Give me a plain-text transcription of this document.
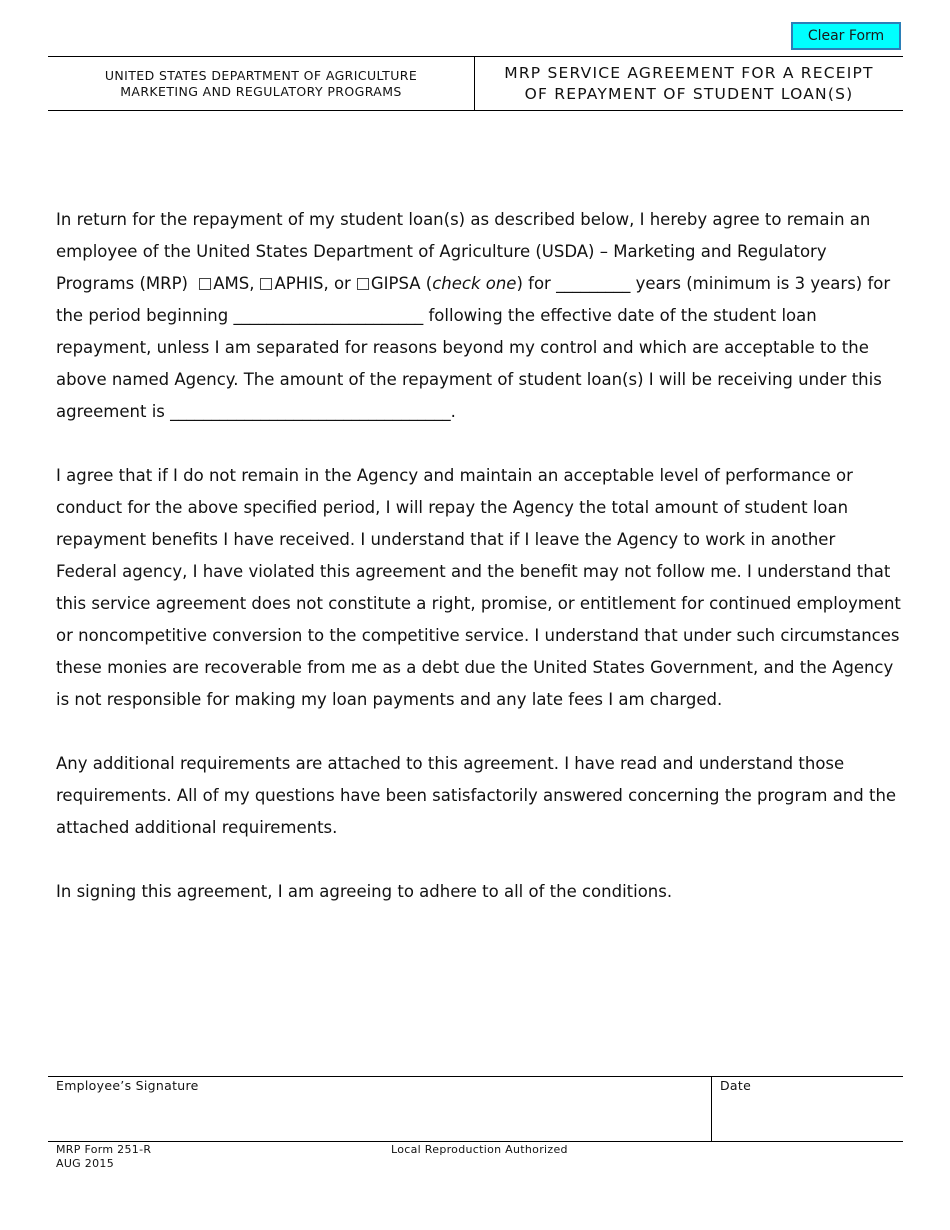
Clear Form
UNITED STATES DEPARTMENT OF AGRICULTURE
MARKETING AND REGULATORY PROGRAMS
MRP SERVICE AGREEMENT FOR A RECEIPT
OF REPAYMENT OF STUDENT LOAN(S)

In return for the repayment of my student loan(s) as described below, I hereby agree to remain an employee of the United States Department of Agriculture (USDA) – Marketing and Regulatory Programs (MRP) AMS, APHIS, or GIPSA (check one) for _________ years (minimum is 3 years) for the period beginning _______________________ following the effective date of the student loan repayment, unless I am separated for reasons beyond my control and which are acceptable to the above named Agency. The amount of the repayment of student loan(s) I will be receiving under this agreement is __________________________________.

I agree that if I do not remain in the Agency and maintain an acceptable level of performance or conduct for the above specified period, I will repay the Agency the total amount of student loan repayment benefits I have received. I understand that if I leave the Agency to work in another Federal agency, I have violated this agreement and the benefit may not follow me. I understand that this service agreement does not constitute a right, promise, or entitlement for continued employment or noncompetitive conversion to the competitive service. I understand that under such circumstances these monies are recoverable from me as a debt due the United States Government, and the Agency is not responsible for making my loan payments and any late fees I am charged.

Any additional requirements are attached to this agreement. I have read and understand those requirements. All of my questions have been satisfactorily answered concerning the program and the attached additional requirements.

In signing this agreement, I am agreeing to adhere to all of the conditions.

Employee’s Signature	Date
MRP Form 251-R
AUG 2015
Local Reproduction Authorized
